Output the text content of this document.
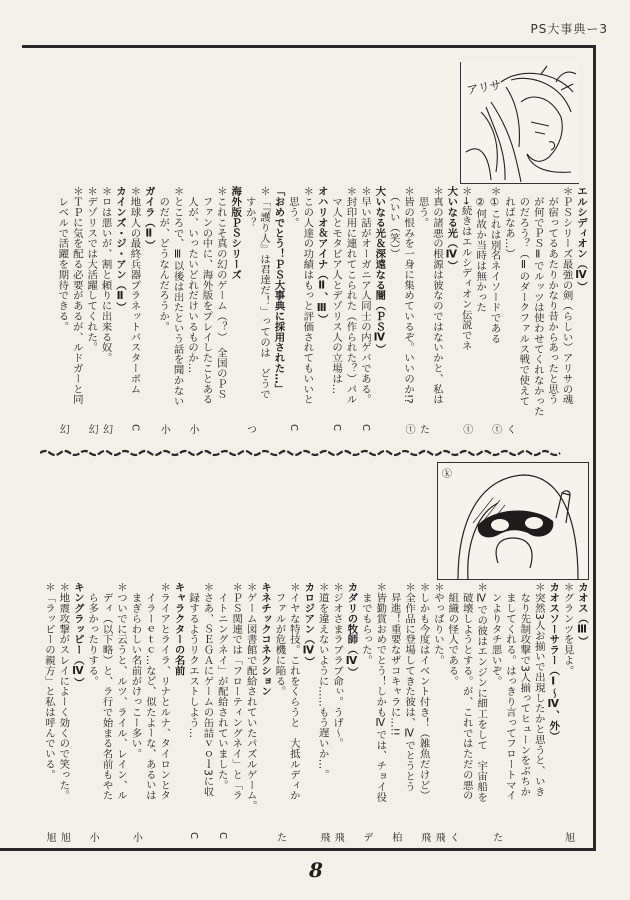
PS大事典ー3
アリサ
エルシディオン（Ⅳ）
＊ＰＳシリーズ最強の剣（らしい）アリサの魂
　が宿ってるあたりかなり昔からあったと思う
　が何でＰＳⅡでルッツは使わせてくれなかった
　のだろう？（Ⅱのダークファルス戦で使えて
　ればなあ…）
く
＊①これは別名ネイソードである
ⓣ
　②何故か当時は無かった
＊→続きはエルシディオン伝説でネ
ⓣ
大いなる光（Ⅳ）
＊真の諸悪の根源は彼なのではないかと、私は
　思う。
た
＊皆の恨みを一身に集めているぞ。いいのか!?
ⓣ
　（いい（笑））
大いなる光＆深遠なる闇（ＰＳⅣ）
＊早い話がオーガニア人同士の内ゲバである。
C
＊封印用に連れてこられた（作られた？）パル
　マ人とモタビア人とデゾリス人の立場は…
C
オハリオ＆アイナ（Ⅱ、Ⅲ）
＊この人達の功績はもっと評価されてもいいと
　思う。
C
「おめでとう！ＰＳ大事典に採用された…」
＊「『護り人』は君達だ！」ってのは　どうで
　すか？
つ
海外版ＰＳシリーズ
＊これこそ真の幻のゲーム（？）　全国のＰＳ
　ファンの中に、海外版をプレイしたことある
　人が、いったいどれだけいるものか…
小
＊ところで、Ⅲ以後は出たという話を聞かない
　のだが、どうなんだろうか。
小
ガイラ（Ⅱ）
＊地球人の最終兵器プラネットバスターボム
C
カインズ・ジ・アン（Ⅱ）
＊ロは悪いが、割と頼りに出来る奴。
幻
＊デゾリスでは大活躍してくれた。
幻
＊ＴＰに気を配る必要があるが、ルドガーと同
　レベルで活躍を期待できる。
幻
ⓚ
カオス（Ⅲ）
＊グランツを見よ。
旭
カオスソーサラー（Ⅰ〜Ⅳ、外）
＊突然3人お揃いで出現したかと思うと、いき
　なり先制攻撃で3人揃ってヒューンをぶちか
　ましてくれる。はっきり言ってフロートマイ
　ンよりタチ悪いぞ。
た
＊Ⅳでの彼はエンジンに細工をして　宇宙船を
　破壊しようとする。が、これではただの悪の
　組織の怪人である。
く
＊やっぱりいた。
飛
＊しかも今度はイベント付き！（雑魚だけど）
飛
＊全作品に登場してきた彼は、Ⅳでとうとう
　昇進！重要なザコキャラに…!!
柏
＊皆勤賞おめでとう！しかもⅣでは、チョイ役
　までもらった。
デ
カダリの牧師（Ⅳ）
＊ジオさまラブラブ命ぃ。うげ〜。
飛
＊道を違えないように……もう遅いか…。
飛
カロジアン（Ⅳ）
＊イヤな特技。これをくらうと　大抵ルディか
　ファルが危機に陥る。
た
キネチックコネクション
＊ゲーム図書館で配給されていたパズルゲーム。
＊ＰＳ関連では「フローティングネイ」と「ラ
　イトニングネイ」が配給されていました。
C
＊さあ、ＳＥＧＡにゲームの缶詰ｖｏｌ3に収
　録するようリクエストしよう…
C
キャラクターの名前
＊ライアとライラ、リナとルナ、タイロンとタ
　イラーｅｔｃ…など、似たよーな、あるいは
　まぎらわしい名前がけっこー多い。
小
＊ついでに云うと、ルツ、ライル、レイン、ル
　ディ（以下略）と、ラ行で始まる名前もやた
　ら多かったりする。
小
キングラッピー（Ⅳ）
＊地震攻撃がスレイによーく効くので笑った。
旭
＊「ラッピーの親方」と私は呼んでいる。
旭
8
